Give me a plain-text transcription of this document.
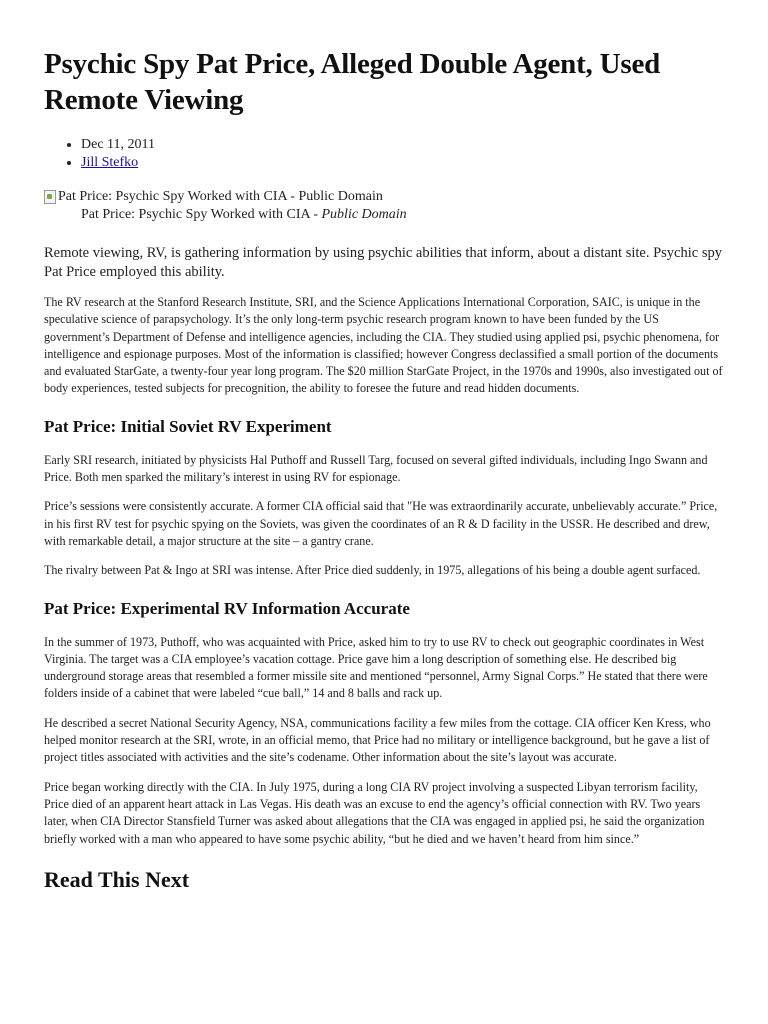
Psychic Spy Pat Price, Alleged Double Agent, Used Remote Viewing
• Dec 11, 2011
• Jill Stefko
Pat Price: Psychic Spy Worked with CIA - Public Domain
Pat Price: Psychic Spy Worked with CIA - Public Domain

Remote viewing, RV, is gathering information by using psychic abilities that inform, about a distant site. Psychic spy Pat Price employed this ability.

The RV research at the Stanford Research Institute, SRI, and the Science Applications International Corporation, SAIC, is unique in the speculative science of parapsychology. It’s the only long-term psychic research program known to have been funded by the US government’s Department of Defense and intelligence agencies, including the CIA. They studied using applied psi, psychic phenomena, for intelligence and espionage purposes. Most of the information is classified; however Congress declassified a small portion of the documents and evaluated StarGate, a twenty-four year long program. The $20 million StarGate Project, in the 1970s and 1990s, also investigated out of body experiences, tested subjects for precognition, the ability to foresee the future and read hidden documents.

Pat Price: Initial Soviet RV Experiment

Early SRI research, initiated by physicists Hal Puthoff and Russell Targ, focused on several gifted individuals, including Ingo Swann and Price. Both men sparked the military’s interest in using RV for espionage.

Price’s sessions were consistently accurate. A former CIA official said that "He was extraordinarily accurate, unbelievably accurate.” Price, in his first RV test for psychic spying on the Soviets, was given the coordinates of an R & D facility in the USSR. He described and drew, with remarkable detail, a major structure at the site – a gantry crane.

The rivalry between Pat & Ingo at SRI was intense. After Price died suddenly, in 1975, allegations of his being a double agent surfaced.

Pat Price: Experimental RV Information Accurate

In the summer of 1973, Puthoff, who was acquainted with Price, asked him to try to use RV to check out geographic coordinates in West Virginia. The target was a CIA employee’s vacation cottage. Price gave him a long description of something else. He described big underground storage areas that resembled a former missile site and mentioned “personnel, Army Signal Corps.” He stated that there were folders inside of a cabinet that were labeled “cue ball,” 14 and 8 balls and rack up.

He described a secret National Security Agency, NSA, communications facility a few miles from the cottage. CIA officer Ken Kress, who helped monitor research at the SRI, wrote, in an official memo, that Price had no military or intelligence background, but he gave a list of project titles associated with activities and the site’s codename. Other information about the site’s layout was accurate.

Price began working directly with the CIA. In July 1975, during a long CIA RV project involving a suspected Libyan terrorism facility, Price died of an apparent heart attack in Las Vegas. His death was an excuse to end the agency’s official connection with RV. Two years later, when CIA Director Stansfield Turner was asked about allegations that the CIA was engaged in applied psi, he said the organization briefly worked with a man who appeared to have some psychic ability, “but he died and we haven’t heard from him since.”

Read This Next
